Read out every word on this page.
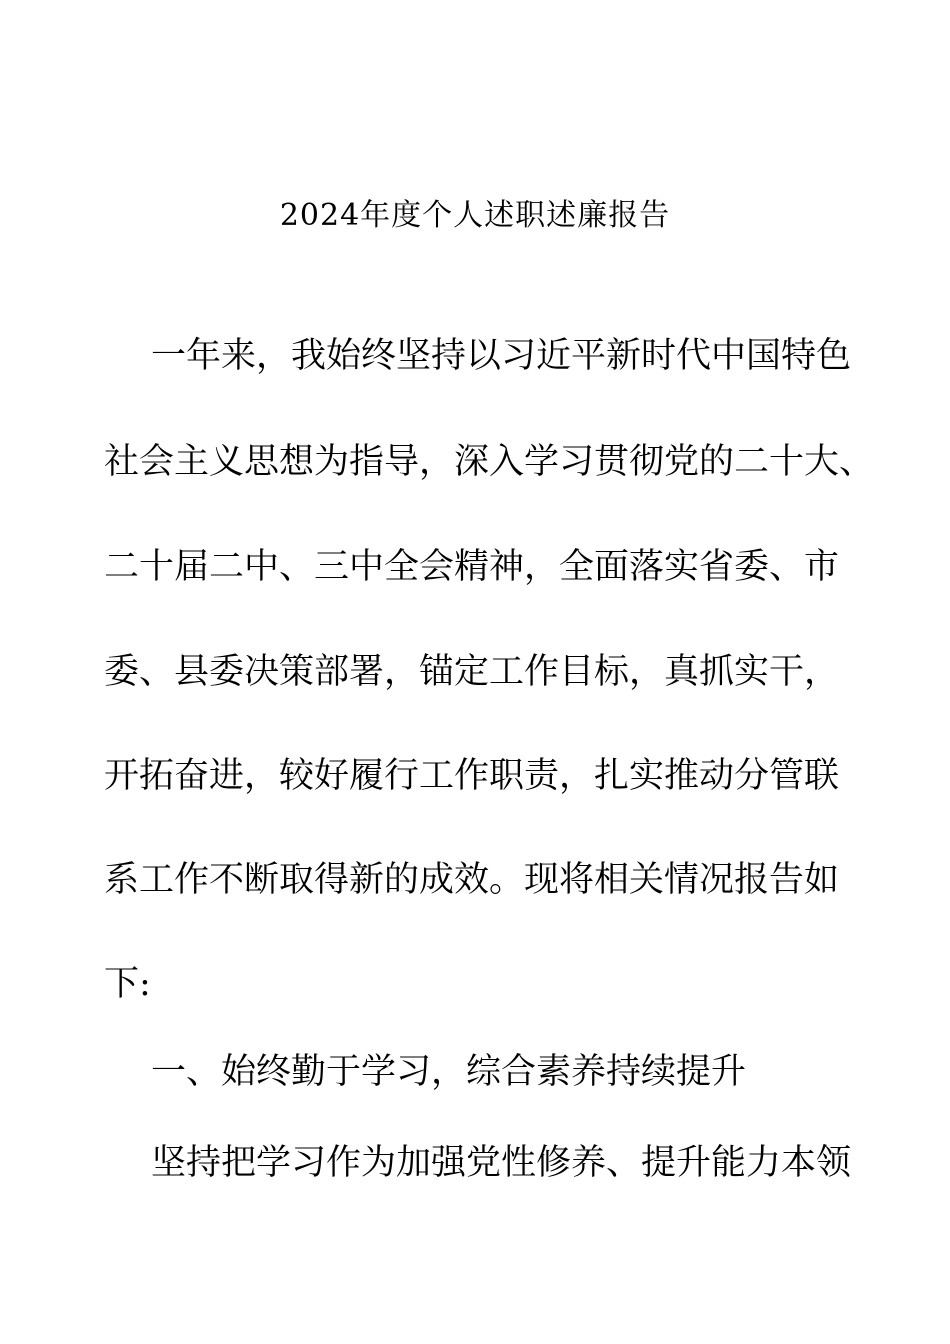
2024年度个人述职述廉报告
一年来，我始终坚持以习近平新时代中国特色
社会主义思想为指导，深入学习贯彻党的二十大、
二十届二中、三中全会精神，全面落实省委、市
委、县委决策部署，锚定工作目标，真抓实干，
开拓奋进，较好履行工作职责，扎实推动分管联
系工作不断取得新的成效。现将相关情况报告如
下:
一、始终勤于学习，综合素养持续提升
坚持把学习作为加强党性修养、提升能力本领
